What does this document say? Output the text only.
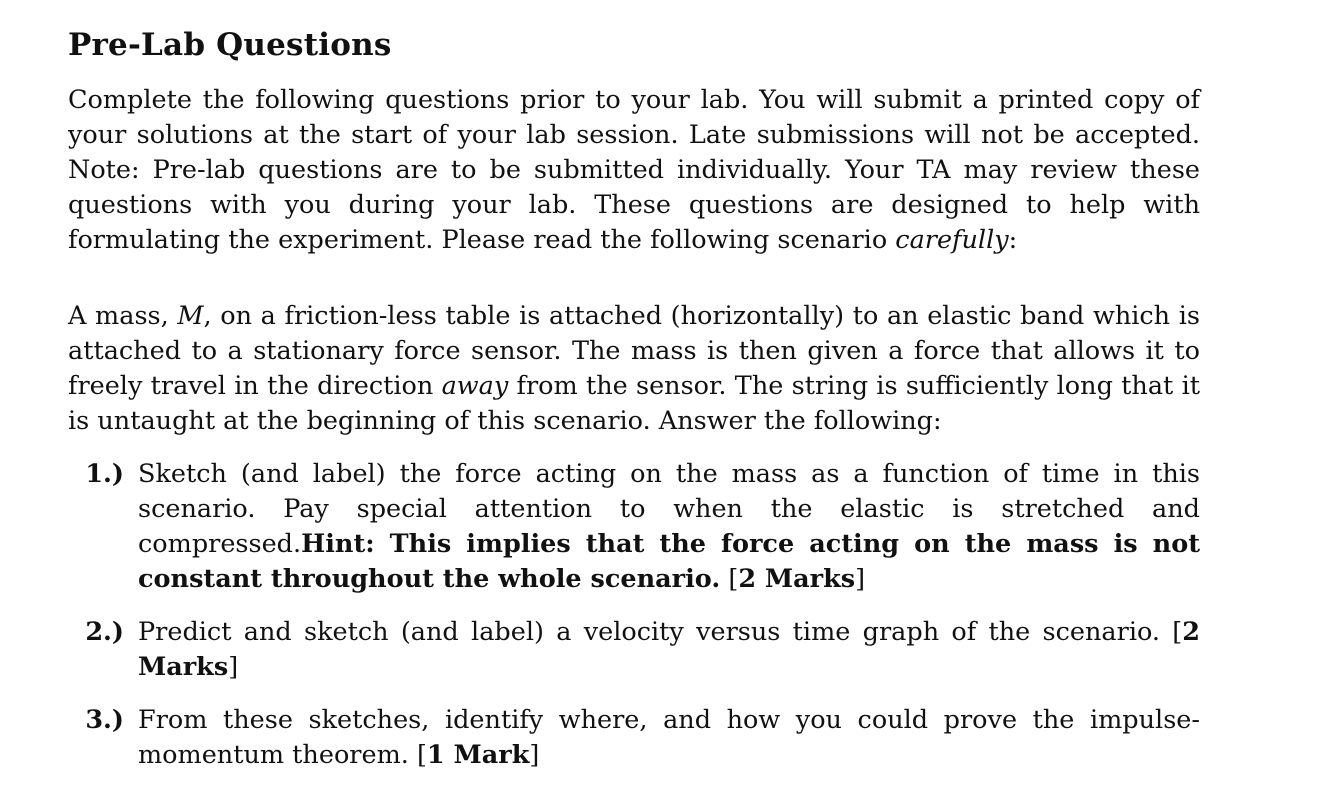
Pre-Lab Questions

Complete the following questions prior to your lab. You will submit a printed copy of your solutions at the start of your lab session. Late submissions will not be accepted. Note: Pre-lab questions are to be submitted individually. Your TA may review these questions with you during your lab. These questions are designed to help with formulating the experiment. Please read the following scenario carefully:

A mass, M, on a friction-less table is attached (horizontally) to an elastic band which is attached to a stationary force sensor. The mass is then given a force that allows it to freely travel in the direction away from the sensor. The string is sufficiently long that it is untaught at the beginning of this scenario. Answer the following:

1.) Sketch (and label) the force acting on the mass as a function of time in this scenario. Pay special attention to when the elastic is stretched and compressed.Hint: This implies that the force acting on the mass is not constant throughout the whole scenario. [2 Marks]
2.) Predict and sketch (and label) a velocity versus time graph of the scenario. [2 Marks]
3.) From these sketches, identify where, and how you could prove the impulse-momentum theorem. [1 Mark]
